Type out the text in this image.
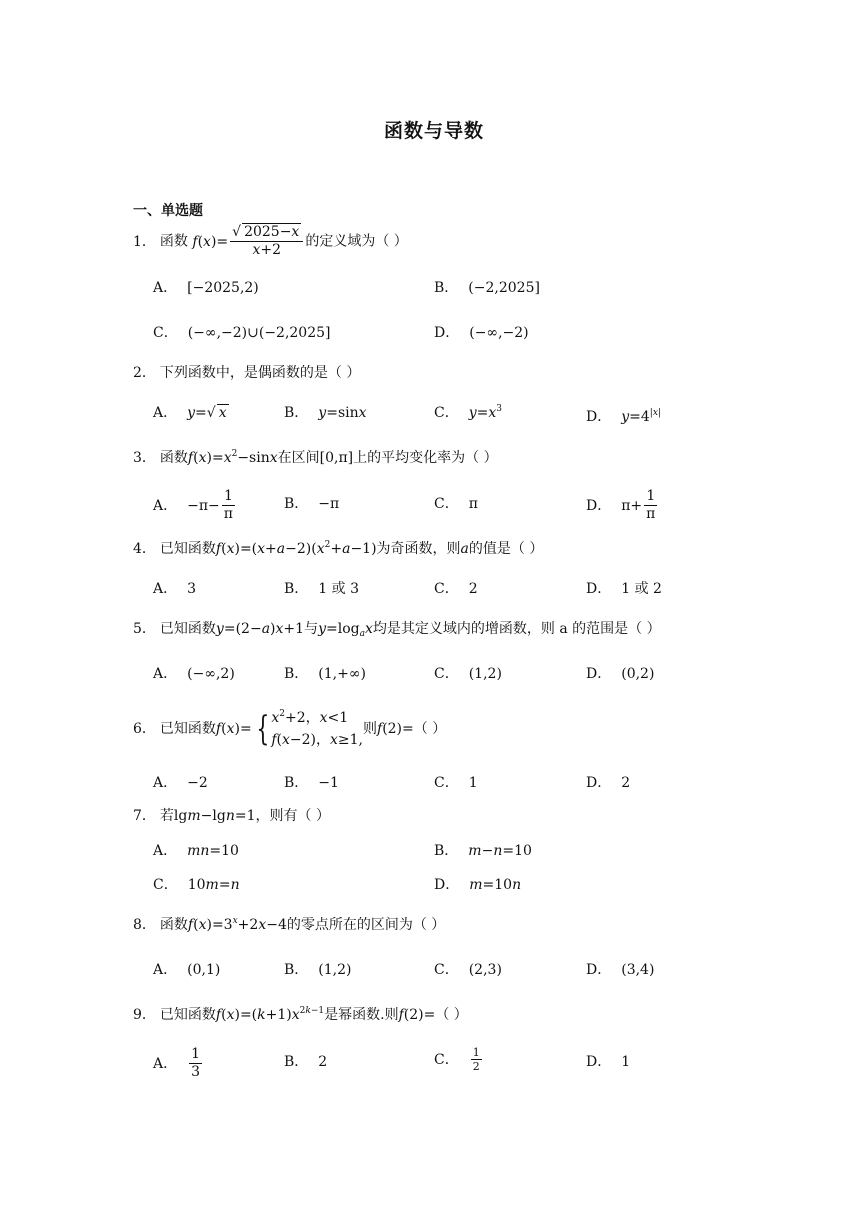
函数与导数
一、单选题
1． 函数 $f(x)= \frac{√ 2025-x}{x+2}$ 的定义域为（ ）
A． [−2025,2)	B． (−2,2025]
C． (−∞,−2)∪(−2,2025]	D． (−∞,−2)
2． 下列函数中，是偶函数的是（ ）
A． y=√ x	B． y=sinx	C． $y=x^3$	D． $y=4^{|x|}$
3． 函数$f(x)=x^2-\sin x$在区间[0,π]上的平均变化率为（ ）
A． $-\pi- \frac{1}{\pi}$	B． −π	C． π	D． $\pi+ \frac{1}{\pi}$
4． 已知函数$f(x)=(x+a-2)(x^2+a-1)$为奇函数，则a的值是（ ）
A． 3	B． 1 或 3	C． 2	D． 1 或 2
5． 已知函数y=(2−a)x+1与$y=\log_ax$均是其定义域内的增函数，则 a 的范围是（ ）
A． (−∞,2)	B． (1,+∞)	C． (1,2)	D． (0,2)
6． 已知函数f(x)= { $x^2+2$，x<1
f(x−2)，x≥1,
则f(2)=（ ）
A． −2	B． −1	C． 1	D． 2
7． 若lgm−lgn=1，则有（ ）
A． mn=10	B． m−n=10
C． 10m=n	D． m=10n
8． 函数$f(x)=3^x+2x-4$的零点所在的区间为（ ）
A． (0,1)	B． (1,2)	C． (2,3)	D． (3,4)
9． 已知函数$f(x)=(k+1)x^{2k-1}$是幂函数.则f(2)=（ ）
A． $\frac{1}{3}$	B． 2	C． $\frac{1}{2}$	D． 1
